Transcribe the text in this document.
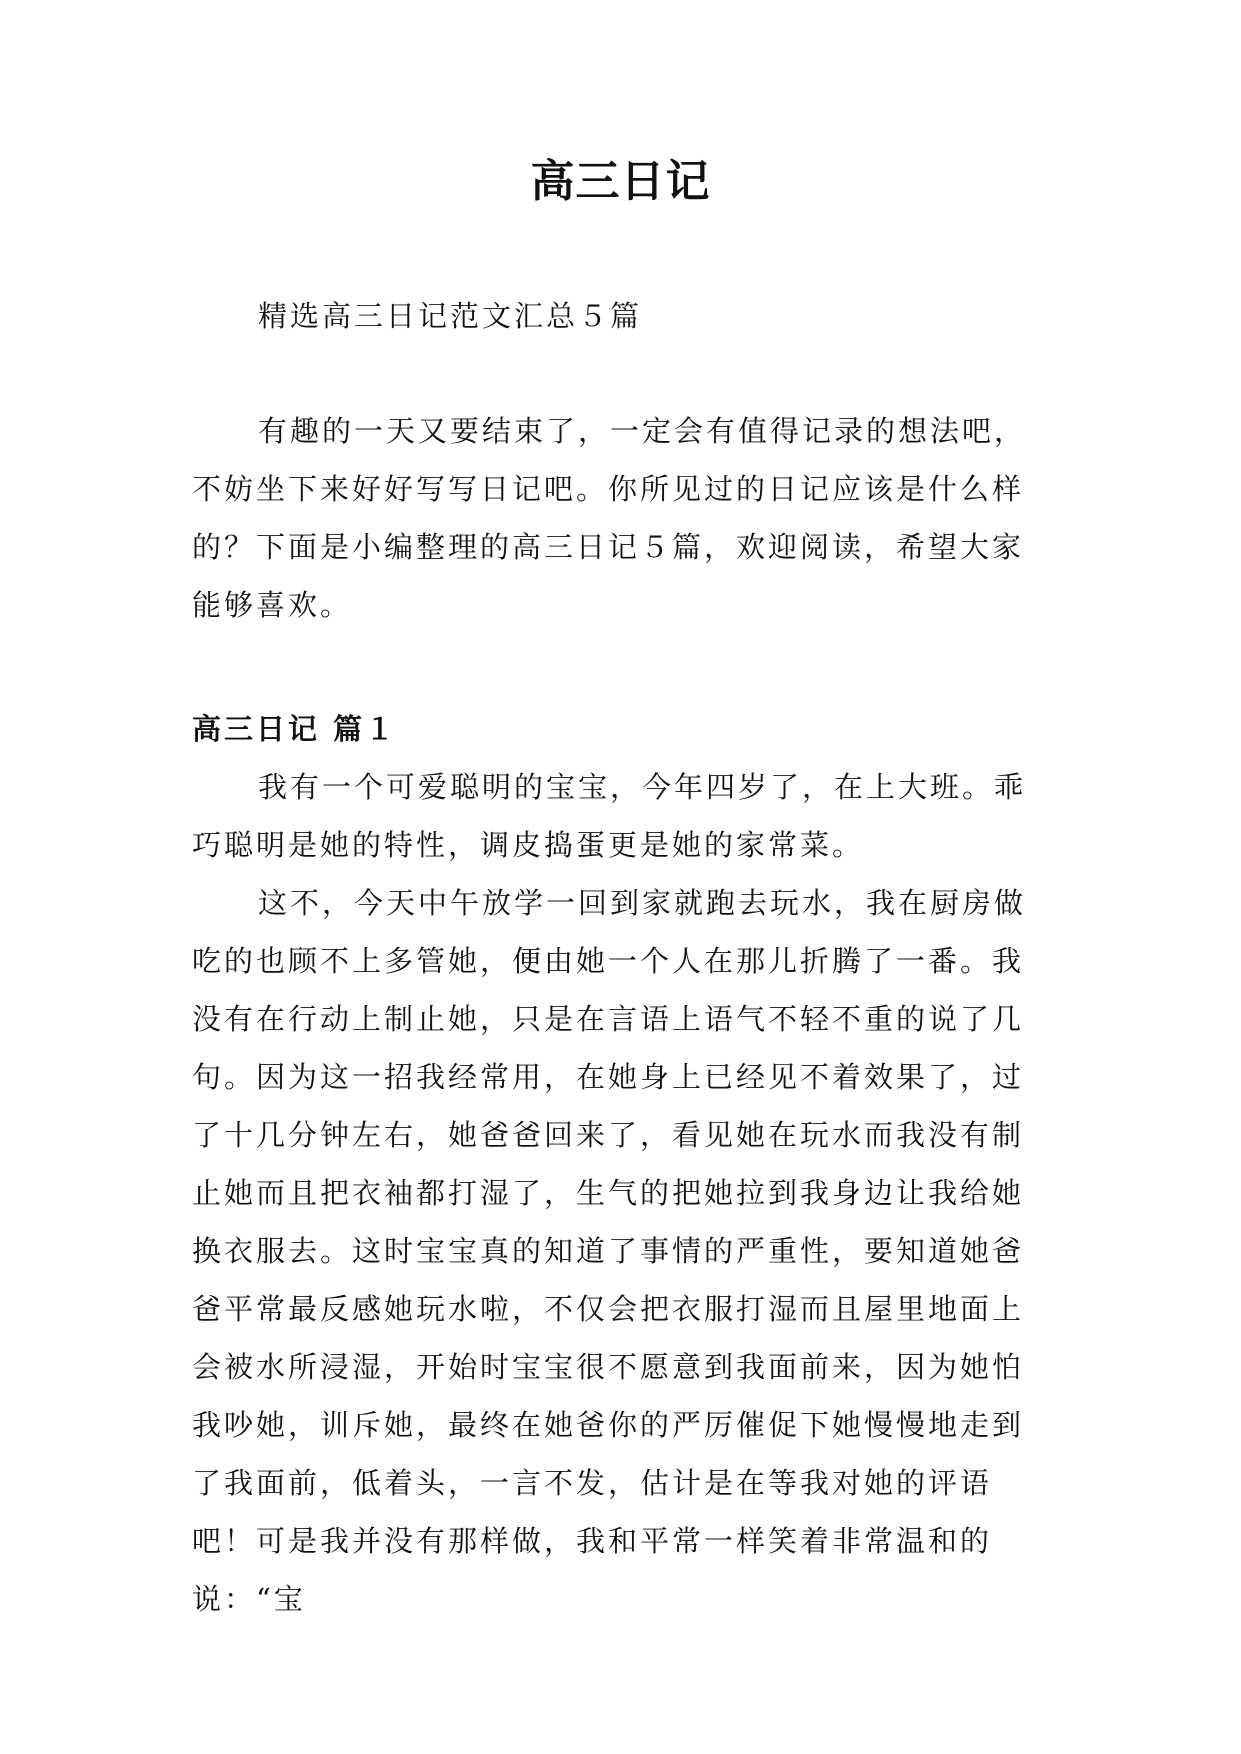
高三日记

精选高三日记范文汇总５篇

有趣的一天又要结束了，一定会有值得记录的想法吧，不妨坐下来好好写写日记吧。你所见过的日记应该是什么样的？下面是小编整理的高三日记５篇，欢迎阅读，希望大家能够喜欢。

高三日记 篇１

我有一个可爱聪明的宝宝，今年四岁了，在上大班。乖巧聪明是她的特性，调皮捣蛋更是她的家常菜。

这不，今天中午放学一回到家就跑去玩水，我在厨房做吃的也顾不上多管她，便由她一个人在那儿折腾了一番。我没有在行动上制止她，只是在言语上语气不轻不重的说了几句。因为这一招我经常用，在她身上已经见不着效果了，过了十几分钟左右，她爸爸回来了，看见她在玩水而我没有制止她而且把衣袖都打湿了，生气的把她拉到我身边让我给她换衣服去。这时宝宝真的知道了事情的严重性，要知道她爸爸平常最反感她玩水啦，不仅会把衣服打湿而且屋里地面上会被水所浸湿，开始时宝宝很不愿意到我面前来，因为她怕我吵她，训斥她，最终在她爸你的严厉催促下她慢慢地走到了我面前，低着头，一言不发，估计是在等我对她的评语吧！可是我并没有那样做，我和平常一样笑着非常温和的说：“宝
